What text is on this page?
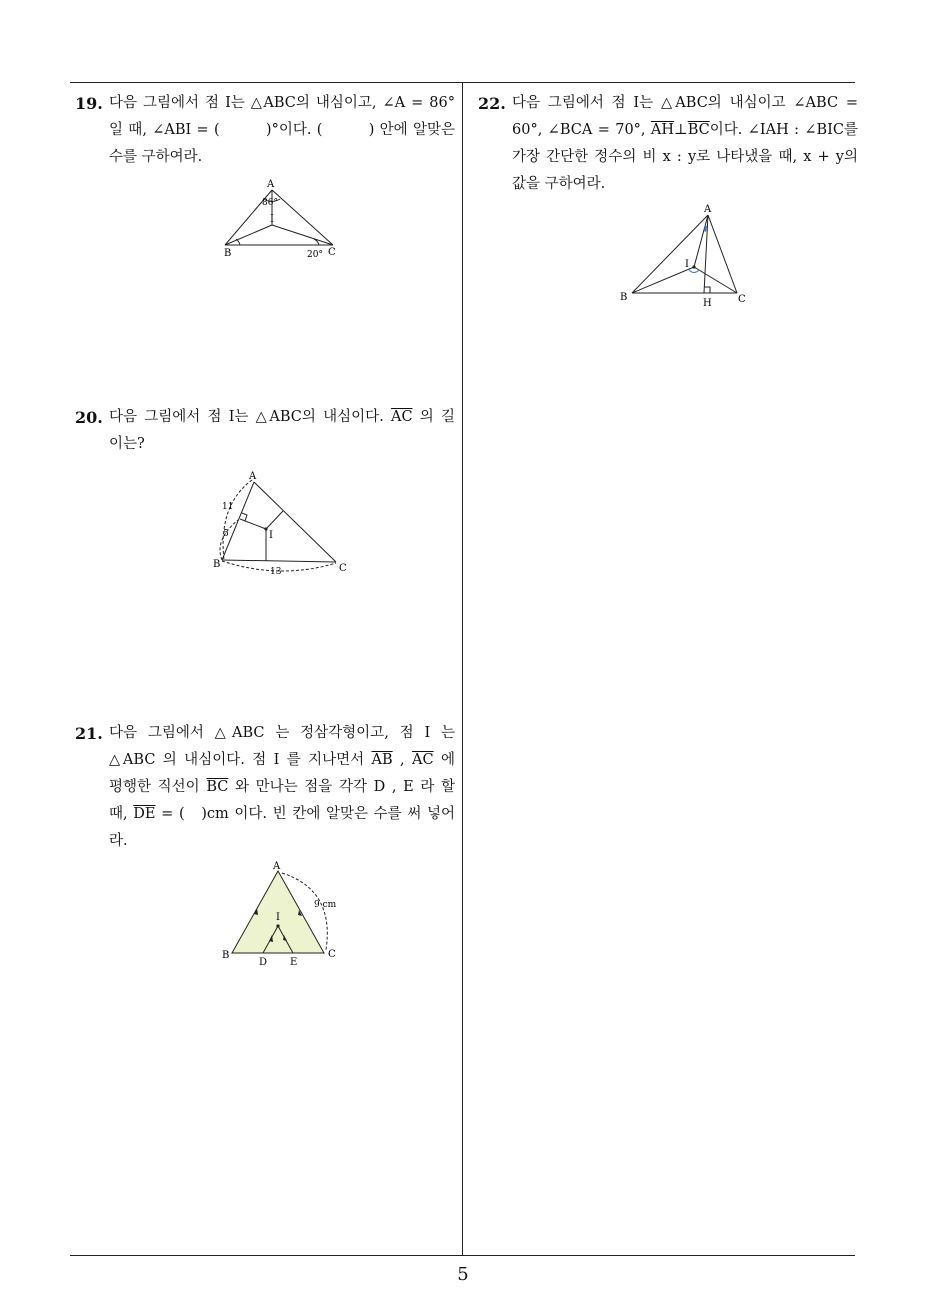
19. 다음 그림에서 점 I는 △ABC의 내심이고, ∠A = 86°
일 때, ∠ABI = (　　　)°이다. (　　　) 안에 알맞은
수를 구하여라.
A
86°
I
B	20° C
20. 다음 그림에서 점 I는 △ABC의 내심이다. $\overline{AC}$ 의 길
이는?
A
11
5	I
B
13	C
21. 다음 그림에서 △ABC 는 정삼각형이고, 점 I 는
△ABC 의 내심이다. 점 I 를 지나면서 $\overline{AB}$ , $\overline{AC}$ 에
평행한 직선이 $\overline{BC}$ 와 만나는 점을 각각 D , E 라 할
때, $\overline{DE}$ = (　)cm 이다. 빈 칸에 알맞은 수를 써 넣어
라.
A
9 cm
I
B	C
D E
22. 다음 그림에서 점 I는 △ABC의 내심이고 ∠ABC =
60°, ∠BCA = 70°, $\overline{AH}\perp\overline{BC}$이다. ∠IAH : ∠BIC를
가장 간단한 정수의 비 x : y로 나타냈을 때, x + y의
값을 구하여라.
A
I
B
H	C
5
